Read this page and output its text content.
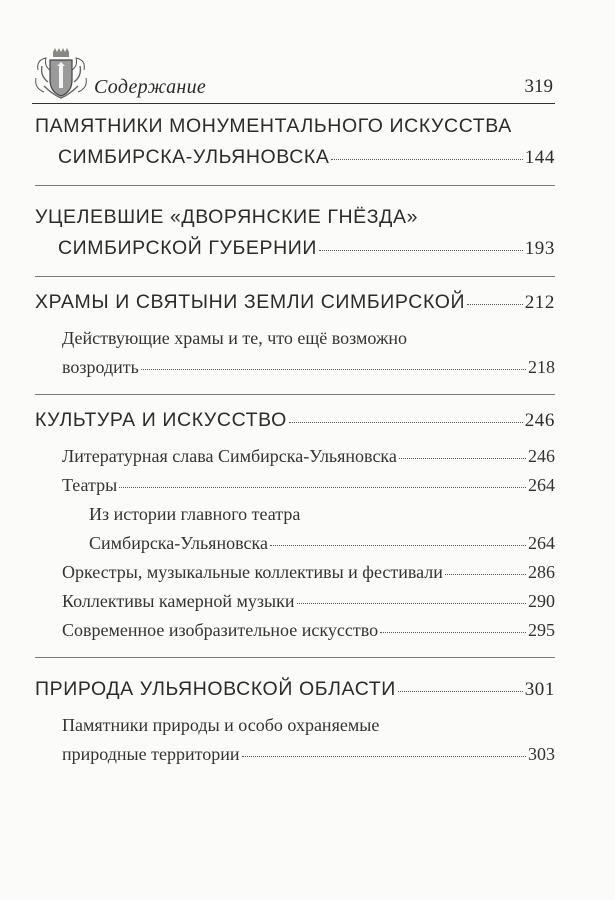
Содержание	319
ПАМЯТНИКИ МОНУМЕНТАЛЬНОГО ИСКУССТВА
СИМБИРСКА-УЛЬЯНОВСКА	144
УЦЕЛЕВШИЕ «ДВОРЯНСКИЕ ГНЁЗДА»
СИМБИРСКОЙ ГУБЕРНИИ	193
ХРАМЫ И СВЯТЫНИ ЗЕМЛИ СИМБИРСКОЙ	212
Действующие храмы и те, что ещё возможно
возродить	218
КУЛЬТУРА И ИСКУССТВО	246
Литературная слава Симбирска-Ульяновска	246
Театры	264
Из истории главного театра
Симбирска-Ульяновска	264
Оркестры, музыкальные коллективы и фестивали	286
Коллективы камерной музыки	290
Современное изобразительное искусство	295
ПРИРОДА УЛЬЯНОВСКОЙ ОБЛАСТИ	301
Памятники природы и особо охраняемые
природные территории	303
